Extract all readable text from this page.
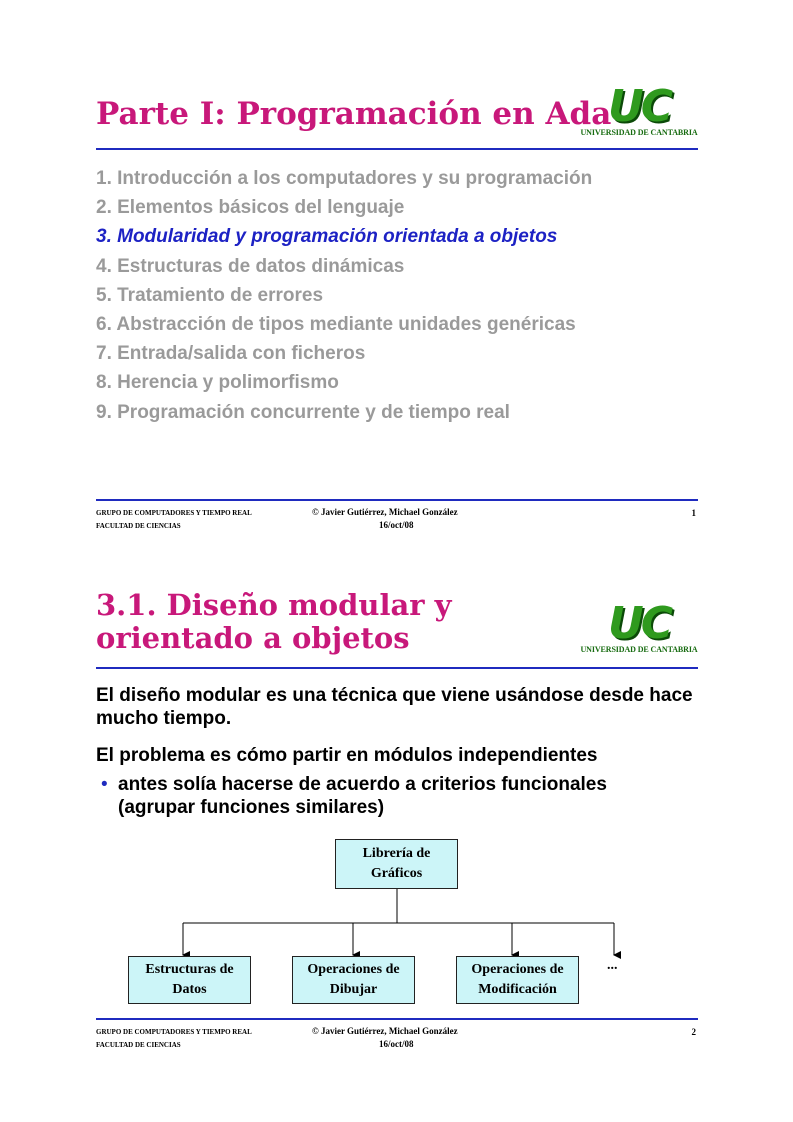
Parte I: Programación en Ada
UC
UNIVERSIDAD DE CANTABRIA
1. Introducción a los computadores y su programación
2. Elementos básicos del lenguaje
3. Modularidad y programación orientada a objetos
4. Estructuras de datos dinámicas
5. Tratamiento de errores
6. Abstracción de tipos mediante unidades genéricas
7. Entrada/salida con ficheros
8. Herencia y polimorfismo
9. Programación concurrente y de tiempo real
GRUPO DE COMPUTADORES Y TIEMPO REAL
FACULTAD DE CIENCIAS
© Javier Gutiérrez, Michael González
16/oct/08
1
3.1. Diseño modular y orientado a objetos	UC
UNIVERSIDAD DE CANTABRIA

El diseño modular es una técnica que viene usándose desde hace mucho tiempo.

El problema es cómo partir en módulos independientes

• antes solía hacerse de acuerdo a criterios funcionales (agrupar funciones similares)

Librería de Gráficos
Estructuras de Datos
Operaciones de Dibujar
Operaciones de Modificación
...
GRUPO DE COMPUTADORES Y TIEMPO REAL
FACULTAD DE CIENCIAS
© Javier Gutiérrez, Michael González
16/oct/08
2
